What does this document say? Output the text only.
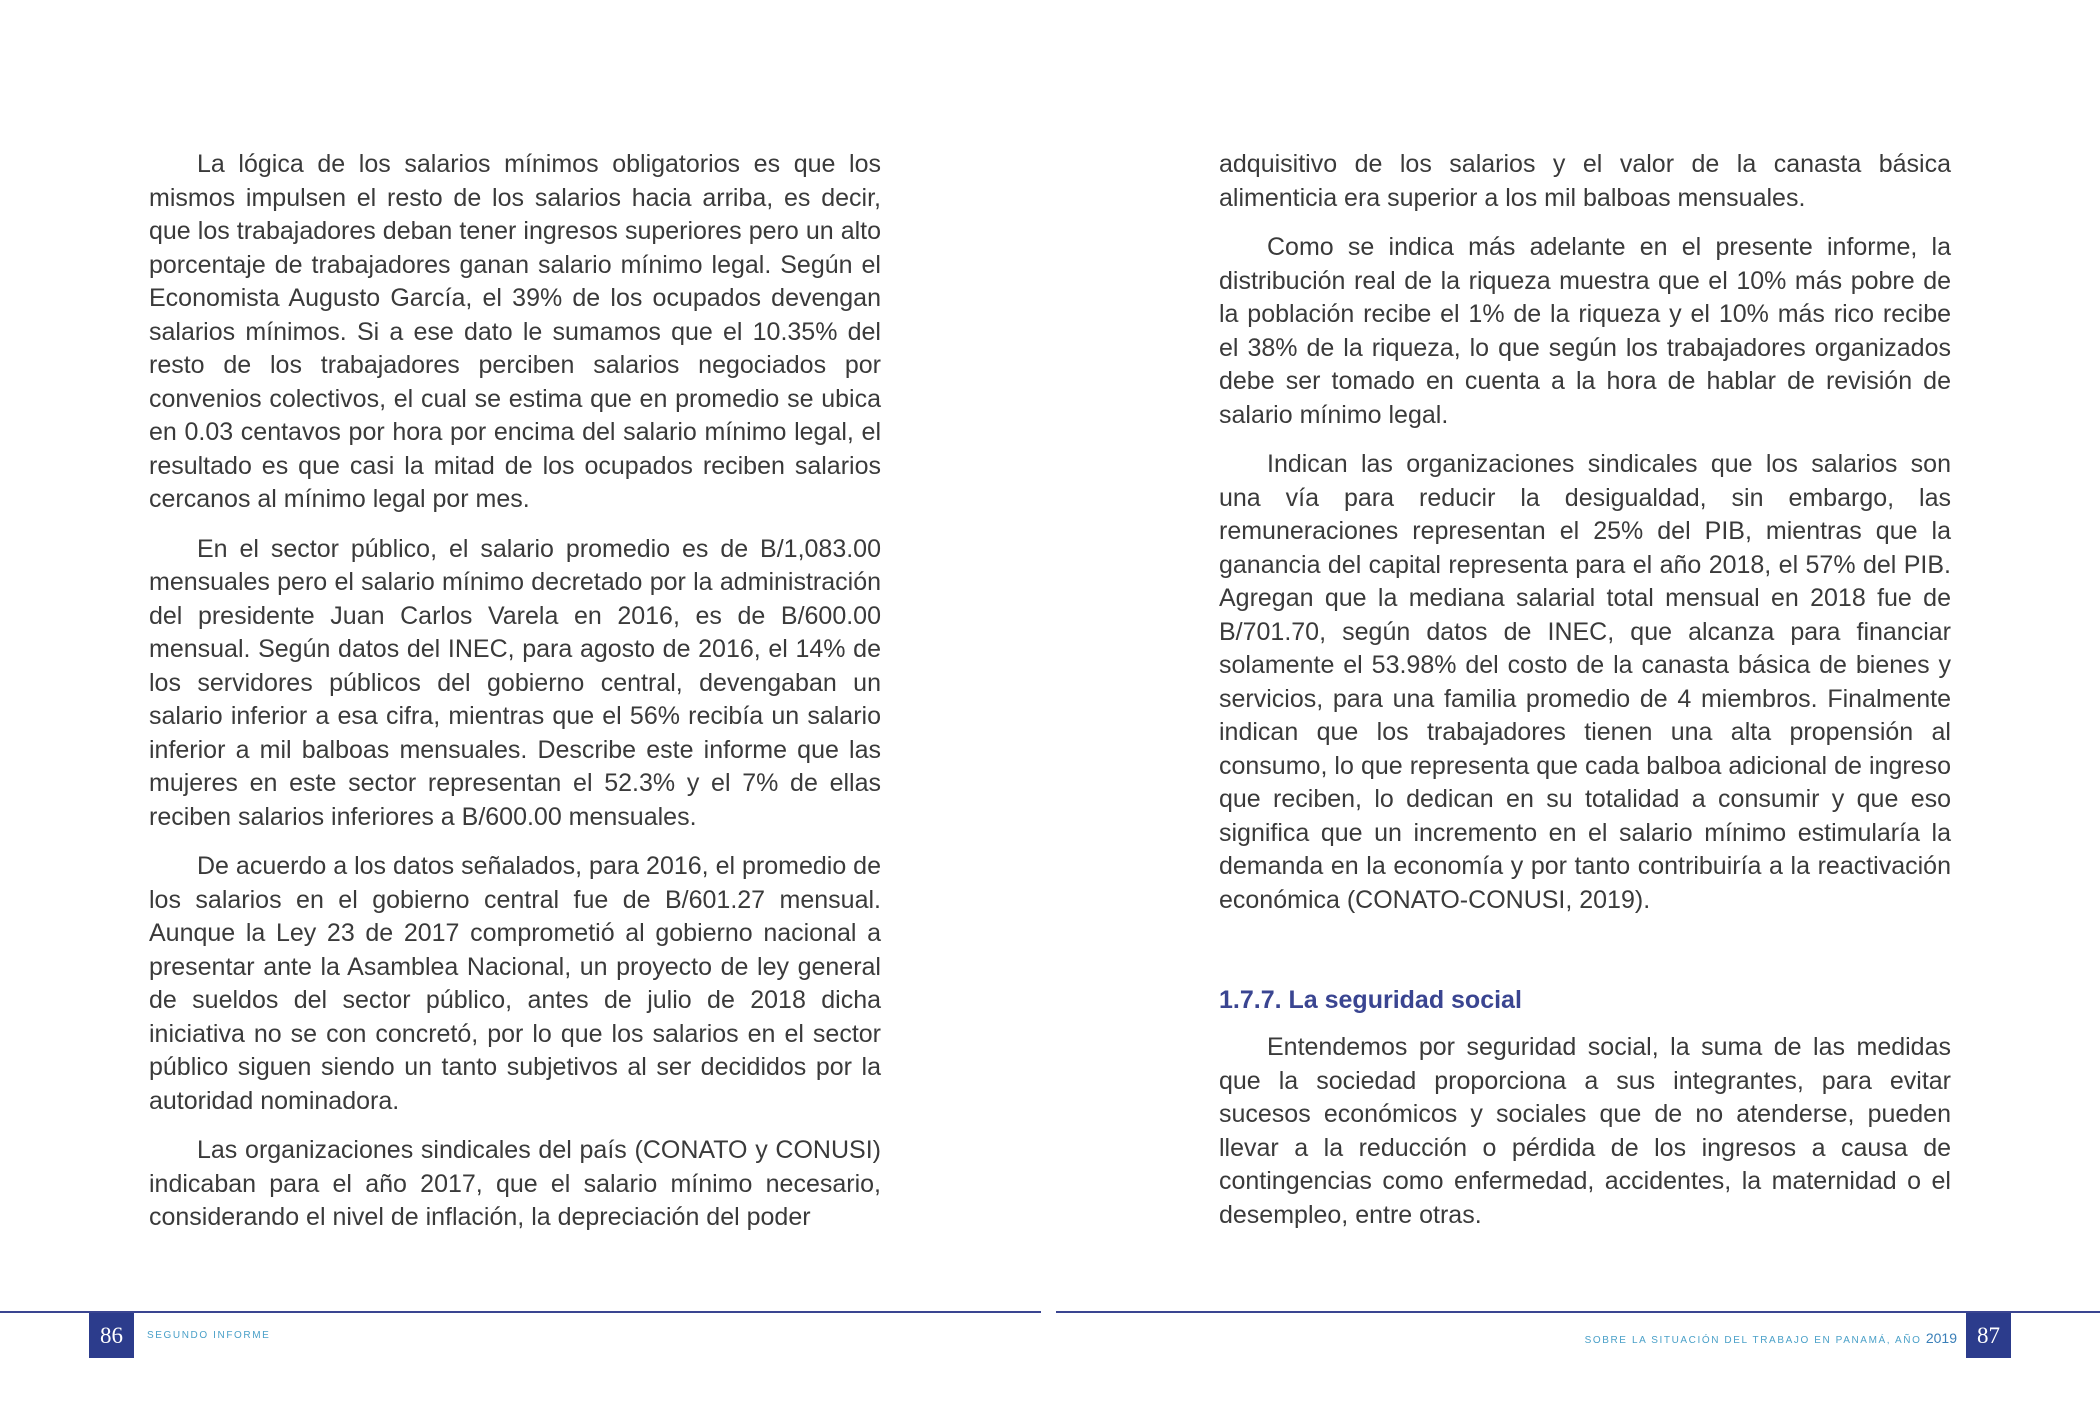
La lógica de los salarios mínimos obligatorios es que los mismos impulsen el resto de los salarios hacia arriba, es decir, que los trabajadores deban tener ingresos superiores pero un alto porcentaje de trabajadores ganan salario mínimo legal. Según el Economista Augusto García, el 39% de los ocupados devengan salarios mínimos. Si a ese dato le sumamos que el 10.35% del resto de los trabajadores perciben salarios negociados por convenios colectivos, el cual se estima que en promedio se ubica en 0.03 centavos por hora por encima del salario mínimo legal, el resultado es que casi la mitad de los ocupados reciben salarios cercanos al mínimo legal por mes.

En el sector público, el salario promedio es de B/1,083.00 mensuales pero el salario mínimo decretado por la administración del presidente Juan Carlos Varela en 2016, es de B/600.00 mensual. Según datos del INEC, para agosto de 2016, el 14% de los servidores públicos del gobierno central, devengaban un salario inferior a esa cifra, mientras que el 56% recibía un salario inferior a mil balboas mensuales. Describe este informe que las mujeres en este sector representan el 52.3% y el 7% de ellas reciben salarios inferiores a B/600.00 mensuales.

De acuerdo a los datos señalados, para 2016, el promedio de los salarios en el gobierno central fue de B/601.27 mensual. Aunque la Ley 23 de 2017 comprometió al gobierno nacional a presentar ante la Asamblea Nacional, un proyecto de ley general de sueldos del sector público, antes de julio de 2018 dicha iniciativa no se con concretó, por lo que los salarios en el sector público siguen siendo un tanto subjetivos al ser decididos por la autoridad nominadora.

Las organizaciones sindicales del país (CONATO y CONUSI) indicaban para el año 2017, que el salario mínimo necesario, considerando el nivel de inflación, la depreciación del poder

adquisitivo de los salarios y el valor de la canasta básica alimenticia era superior a los mil balboas mensuales.

Como se indica más adelante en el presente informe, la distribución real de la riqueza muestra que el 10% más pobre de la población recibe el 1% de la riqueza y el 10% más rico recibe el 38% de la riqueza, lo que según los trabajadores organizados debe ser tomado en cuenta a la hora de hablar de revisión de salario mínimo legal.

Indican las organizaciones sindicales que los salarios son una vía para reducir la desigualdad, sin embargo, las remuneraciones representan el 25% del PIB, mientras que la ganancia del capital representa para el año 2018, el 57% del PIB. Agregan que la mediana salarial total mensual en 2018 fue de B/701.70, según datos de INEC, que alcanza para financiar solamente el 53.98% del costo de la canasta básica de bienes y servicios, para una familia promedio de 4 miembros. Finalmente indican que los trabajadores tienen una alta propensión al consumo, lo que representa que cada balboa adicional de ingreso que reciben, lo dedican en su totalidad a consumir y que eso significa que un incremento en el salario mínimo estimularía la demanda en la economía y por tanto contribuiría a la reactivación económica (CONATO-CONUSI, 2019).

1.7.7. La seguridad social

Entendemos por seguridad social, la suma de las medidas que la sociedad proporciona a sus integrantes, para evitar sucesos económicos y sociales que de no atenderse, pueden llevar a la reducción o pérdida de los ingresos a causa de contingencias como enfermedad, accidentes, la maternidad o el desempleo, entre otras.

86	SEGUNDO INFORME	SOBRE LA SITUACIÓN DEL TRABAJO EN PANAMÁ, AÑO 2019 87
